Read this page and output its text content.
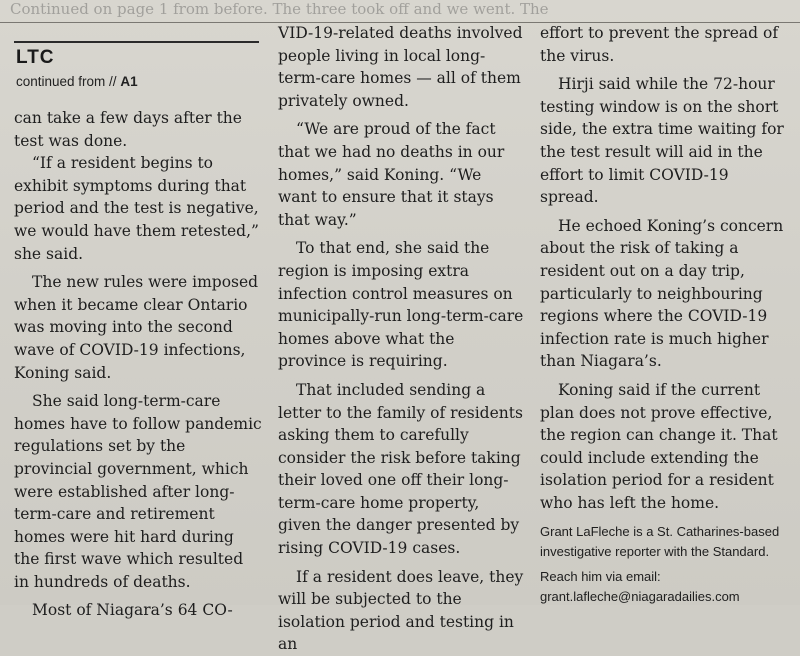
Continued on page 1 from before. The three took off and we went. The
LTC
continued from // A1

can take a few days after the test was done.

“If a resident begins to exhibit symptoms during that period and the test is negative, we would have them retested,” she said.

The new rules were imposed when it became clear Ontario was moving into the second wave of COVID-19 infections, Koning said.

She said long-term-care homes have to follow pandemic regulations set by the provincial government, which were established after long-term-care and retirement homes were hit hard during the first wave which resulted in hundreds of deaths.

Most of Niagara’s 64 CO-

VID-19-related deaths involved people living in local long-term-care homes — all of them privately owned.

“We are proud of the fact that we had no deaths in our homes,” said Koning. “We want to ensure that it stays that way.”

To that end, she said the region is imposing extra infection control measures on municipally-run long-term-care homes above what the province is requiring.

That included sending a letter to the family of residents asking them to carefully consider the risk before taking their loved one off their long-term-care home property, given the danger presented by rising COVID-19 cases.

If a resident does leave, they will be subjected to the isolation period and testing in an

effort to prevent the spread of the virus.

Hirji said while the 72-hour testing window is on the short side, the extra time waiting for the test result will aid in the effort to limit COVID-19 spread.

He echoed Koning’s concern about the risk of taking a resident out on a day trip, particularly to neighbouring regions where the COVID-19 infection rate is much higher than Niagara’s.

Koning said if the current plan does not prove effective, the region can change it. That could include extending the isolation period for a resident who has left the home.

Grant LaFleche is a St. Catharines-based investigative reporter with the Standard.

Reach him via email: grant.lafleche@niagaradailies.com
